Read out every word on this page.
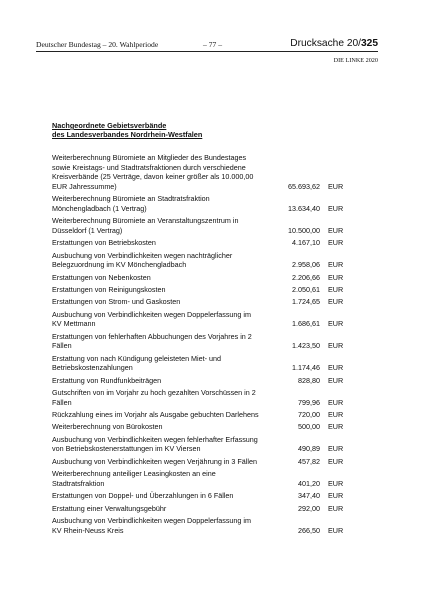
Deutscher Bundestag – 20. Wahlperiode	– 77 –	Drucksache 20/325
DIE LINKE 2020
Nachgeordnete Gebietsverbände
des Landesverbandes Nordrhein-Westfalen
Weiterberechnung Büromiete an Mitglieder des Bundestages sowie Kreistags- und Stadtratsfraktionen durch verschiedene Kreisverbände (25 Verträge, davon keiner größer als 10.000,00 EUR Jahressumme)	65.693,62	EUR
Weiterberechnung Büromiete an Stadtratsfraktion Mönchengladbach (1 Vertrag)	13.634,40	EUR
Weiterberechnung Büromiete an Veranstaltungszentrum in Düsseldorf (1 Vertrag)	10.500,00	EUR
Erstattungen von Betriebskosten	4.167,10	EUR
Ausbuchung von Verbindlichkeiten wegen nachträglicher Belegzuordnung im KV Mönchengladbach	2.958,06	EUR
Erstattungen von Nebenkosten	2.206,66	EUR
Erstattungen von Reinigungskosten	2.050,61	EUR
Erstattungen von Strom- und Gaskosten	1.724,65	EUR
Ausbuchung von Verbindlichkeiten wegen Doppelerfassung im KV Mettmann	1.686,61	EUR
Erstattungen von fehlerhaften Abbuchungen des Vorjahres in 2 Fällen	1.423,50	EUR
Erstattung von nach Kündigung geleisteten Miet- und Betriebskostenzahlungen	1.174,46	EUR
Erstattung von Rundfunkbeiträgen	828,80	EUR
Gutschriften von im Vorjahr zu hoch gezahlten Vorschüssen in 2 Fällen	799,96	EUR
Rückzahlung eines im Vorjahr als Ausgabe gebuchten Darlehens	720,00	EUR
Weiterberechnung von Bürokosten	500,00	EUR
Ausbuchung von Verbindlichkeiten wegen fehlerhafter Erfassung von Betriebskostenerstattungen im KV Viersen	490,89	EUR
Ausbuchung von Verbindlichkeiten wegen Verjährung in 3 Fällen	457,82	EUR
Weiterberechnung anteiliger Leasingkosten an eine Stadtratsfraktion	401,20	EUR
Erstattungen von Doppel- und Überzahlungen in 6 Fällen	347,40	EUR
Erstattung einer Verwaltungsgebühr	292,00	EUR
Ausbuchung von Verbindlichkeiten wegen Doppelerfassung im KV Rhein-Neuss Kreis	266,50	EUR
